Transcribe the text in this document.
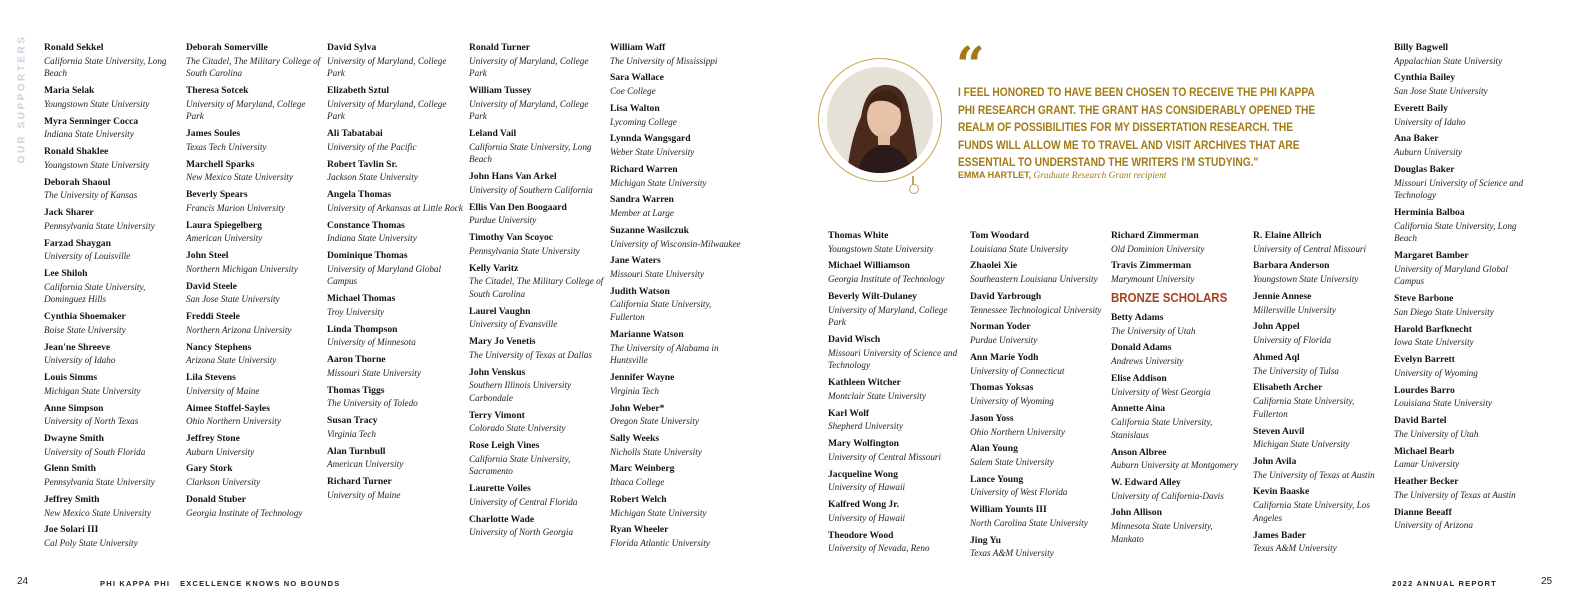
OUR SUPPORTERS Ronald Sekkel
California State University, Long Beach
Maria Selak
Youngstown State University
Myra Senninger Cocca
Indiana State University
Ronald Shaklee
Youngstown State University
Deborah Shaoul
The University of Kansas
Jack Sharer
Pennsylvania State University
Farzad Shaygan
University of Louisville
Lee Shiloh
California State University, Dominguez Hills
Cynthia Shoemaker
Boise State University
Jean'ne Shreeve
University of Idaho
Louis Simms
Michigan State University
Anne Simpson
University of North Texas
Dwayne Smith
University of South Florida
Glenn Smith
Pennsylvania State University
Jeffrey Smith
New Mexico State University
Joe Solari III
Cal Poly State University
Deborah Somerville
The Citadel, The Military College of South Carolina
Theresa Sotcek
University of Maryland, College Park
James Soules
Texas Tech University
Marchell Sparks
New Mexico State University
Beverly Spears
Francis Marion University
Laura Spiegelberg
American University
John Steel
Northern Michigan University
David Steele
San Jose State University
Freddi Steele
Northern Arizona University
Nancy Stephens
Arizona State University
Lila Stevens
University of Maine
Aimee Stoffel-Sayles
Ohio Northern University
Jeffrey Stone
Auburn University
Gary Stork
Clarkson University
Donald Stuber
Georgia Institute of Technology
David Sylva
University of Maryland, College Park
Elizabeth Sztul
University of Maryland, College Park
Ali Tabatabai
University of the Pacific
Robert Tavlin Sr.
Jackson State University
Angela Thomas
University of Arkansas at Little Rock
Constance Thomas
Indiana State University
Dominique Thomas
University of Maryland Global Campus
Michael Thomas
Troy University
Linda Thompson
University of Minnesota
Aaron Thorne
Missouri State University
Thomas Tiggs
The University of Toledo
Susan Tracy
Virginia Tech
Alan Turnbull
American University
Richard Turner
University of Maine
Ronald Turner
University of Maryland, College Park
William Tussey
University of Maryland, College Park
Leland Vail
California State University, Long Beach
John Hans Van Arkel
University of Southern California
Ellis Van Den Boogaard
Purdue University
Timothy Van Scoyoc
Pennsylvania State University
Kelly Varitz
The Citadel, The Military College of South Carolina
Laurel Vaughn
University of Evansville
Mary Jo Venetis
The University of Texas at Dallas
John Venskus
Southern Illinois University Carbondale
Terry Vimont
Colorado State University
Rose Leigh Vines
California State University, Sacramento
Laurette Voiles
University of Central Florida
Charlotte Wade
University of North Georgia
William Waff
The University of Mississippi
Sara Wallace
Coe College
Lisa Walton
Lycoming College
Lynnda Wangsgard
Weber State University
Richard Warren
Michigan State University
Sandra Warren
Member at Large
Suzanne Wasilczuk
University of Wisconsin-Milwaukee
Jane Waters
Missouri State University
Judith Watson
California State University, Fullerton
Marianne Watson
The University of Alabama in Huntsville
Jennifer Wayne
Virginia Tech
John Weber*
Oregon State University
Sally Weeks
Nicholls State University
Marc Weinberg
Ithaca College
Robert Welch
Michigan State University
Ryan Wheeler
Florida Atlantic University
“
I FEEL HONORED TO HAVE BEEN CHOSEN TO RECEIVE THE PHI KAPPA PHI RESEARCH GRANT. THE GRANT HAS CONSIDERABLY OPENED THE REALM OF POSSIBILITIES FOR MY DISSERTATION RESEARCH. THE FUNDS WILL ALLOW ME TO TRAVEL AND VISIT ARCHIVES THAT ARE ESSENTIAL TO UNDERSTAND THE WRITERS I'M STUDYING."
EMMA HARTLET, Graduate Research Grant recipient
Thomas White
Youngstown State University
Michael Williamson
Georgia Institute of Technology
Beverly Wilt-Dulaney
University of Maryland, College Park
David Wisch
Missouri University of Science and Technology
Kathleen Witcher
Montclair State University
Karl Wolf
Shepherd University
Mary Wolfington
University of Central Missouri
Jacqueline Wong
University of Hawaii
Kalfred Wong Jr.
University of Hawaii
Theodore Wood
University of Nevada, Reno
Tom Woodard
Louisiana State University
Zhaolei Xie
Southeastern Louisiana University
David Yarbrough
Tennessee Technological University
Norman Yoder
Purdue University
Ann Marie Yodh
University of Connecticut
Thomas Yoksas
University of Wyoming
Jason Yoss
Ohio Northern University
Alan Young
Salem State University
Lance Young
University of West Florida
William Younts III
North Carolina State University
Jing Yu
Texas A&M University
Richard Zimmerman
Old Dominion University
Travis Zimmerman
Marymount University
BRONZE SCHOLARS
Betty Adams
The University of Utah
Donald Adams
Andrews University
Elise Addison
University of West Georgia
Annette Aina
California State University, Stanislaus
Anson Albree
Auburn University at Montgomery
W. Edward Alley
University of California-Davis
John Allison
Minnesota State University, Mankato
R. Elaine Allrich
University of Central Missouri
Barbara Anderson
Youngstown State University
Jennie Annese
Millersville University
John Appel
University of Florida
Ahmed Aql
The University of Tulsa
Elisabeth Archer
California State University, Fullerton
Steven Auvil
Michigan State University
John Avila
The University of Texas at Austin
Kevin Baaske
California State University, Los Angeles
James Bader
Texas A&M University
Billy Bagwell
Appalachian State University
Cynthia Bailey
San Jose State University
Everett Baily
University of Idaho
Ana Baker
Auburn University
Douglas Baker
Missouri University of Science and Technology
Herminia Balboa
California State University, Long Beach
Margaret Bamber
University of Maryland Global Campus
Steve Barbone
San Diego State University
Harold Barfknecht
Iowa State University
Evelyn Barrett
University of Wyoming
Lourdes Barro
Louisiana State University
David Bartel
The University of Utah
Michael Bearb
Lamar University
Heather Becker
The University of Texas at Austin
Dianne Beeaff
University of Arizona
24	PHI KAPPA PHI EXCELLENCE KNOWS NO BOUNDS	2022 ANNUAL REPORT	25
